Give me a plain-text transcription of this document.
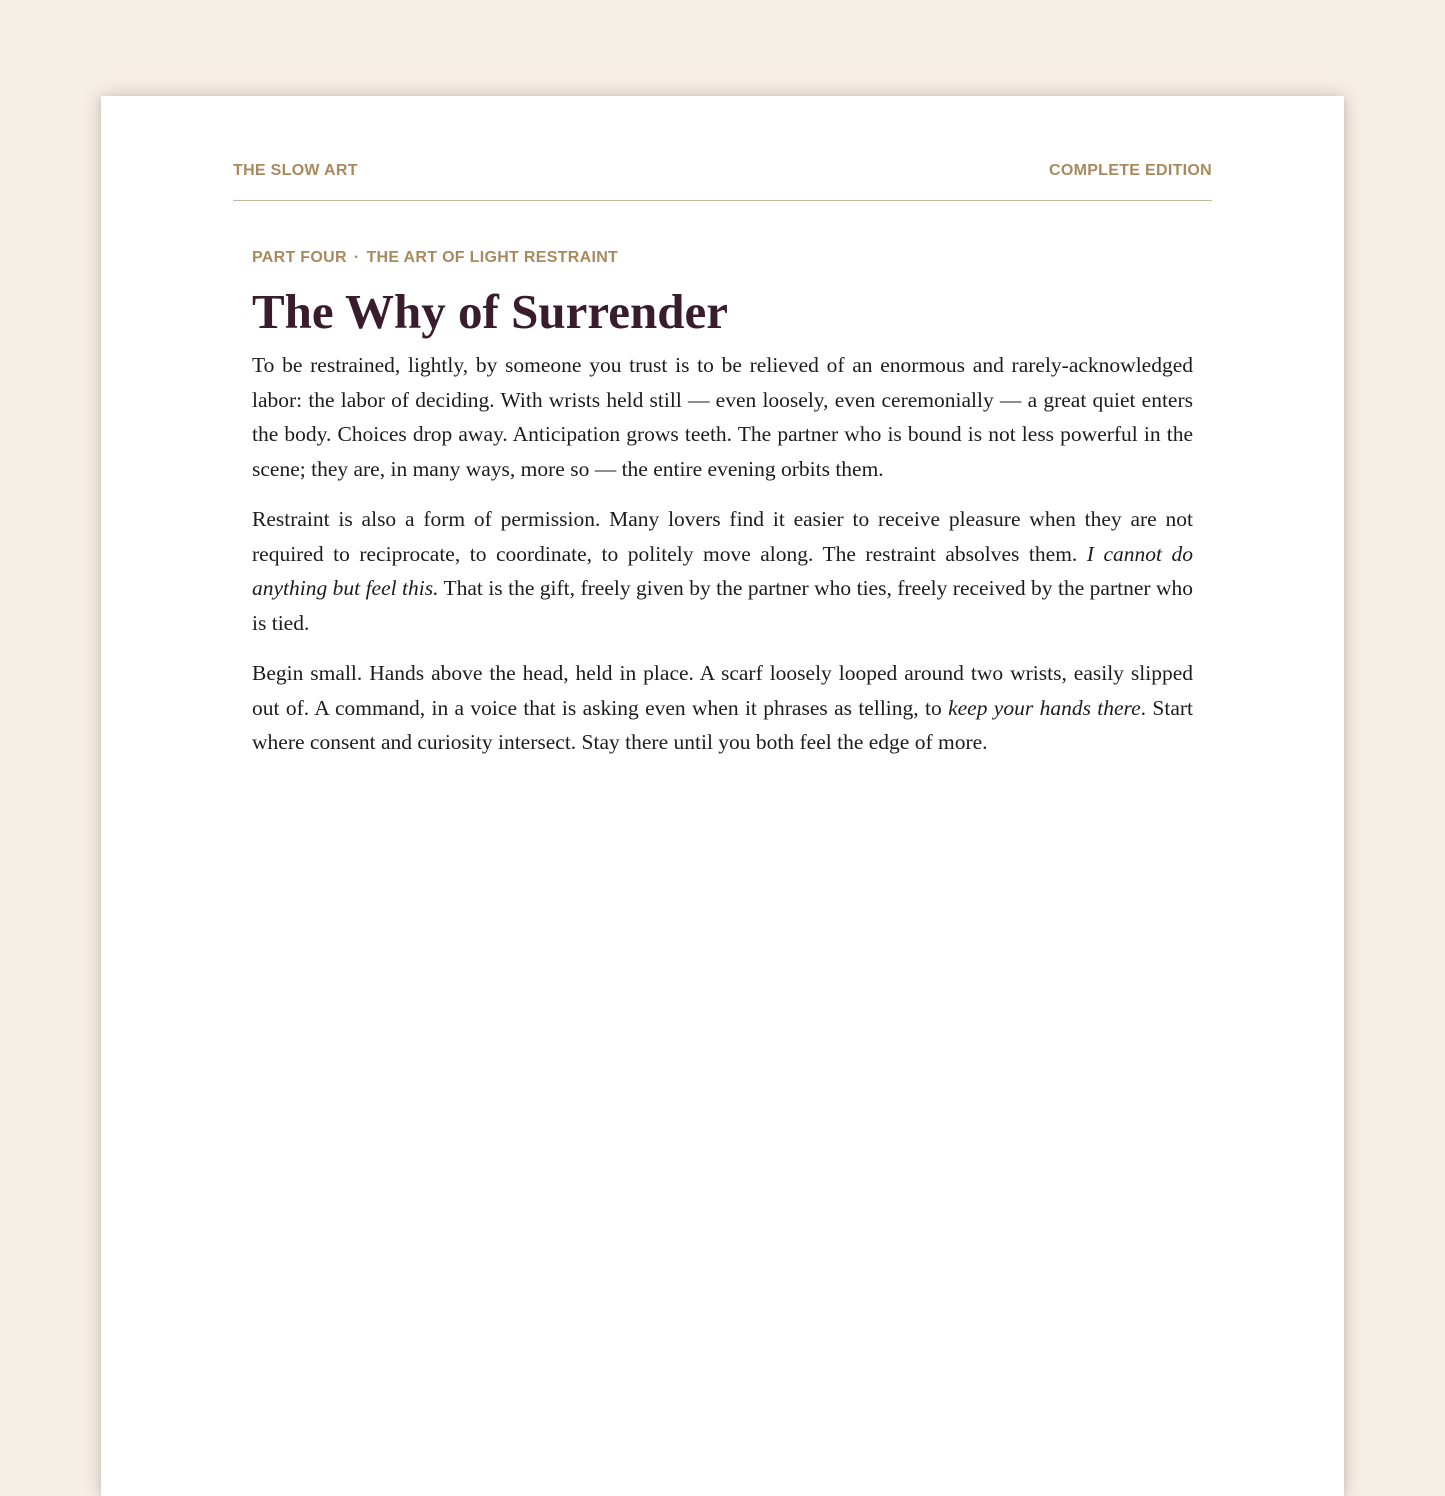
THE SLOW ART	COMPLETE EDITION
PART FOUR · THE ART OF LIGHT RESTRAINT
The Why of Surrender

To be restrained, lightly, by someone you trust is to be relieved of an enormous and rarely-acknowledged labor: the labor of deciding. With wrists held still — even loosely, even ceremonially — a great quiet enters the body. Choices drop away. Anticipation grows teeth. The partner who is bound is not less powerful in the scene; they are, in many ways, more so — the entire evening orbits them.

Restraint is also a form of permission. Many lovers find it easier to receive pleasure when they are not required to reciprocate, to coordinate, to politely move along. The restraint absolves them. I cannot do anything but feel this. That is the gift, freely given by the partner who ties, freely received by the partner who is tied.

Begin small. Hands above the head, held in place. A scarf loosely looped around two wrists, easily slipped out of. A command, in a voice that is asking even when it phrases as telling, to keep your hands there. Start where consent and curiosity intersect. Stay there until you both feel the edge of more.
